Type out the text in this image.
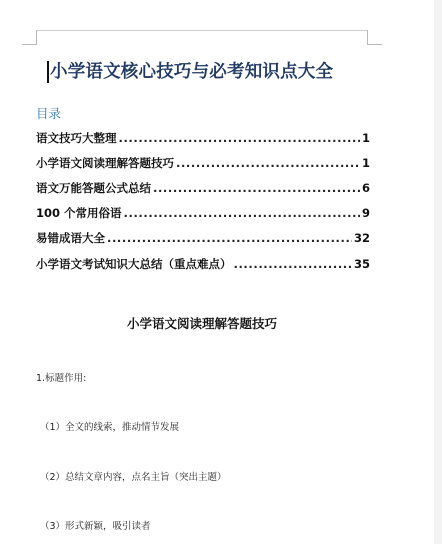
小学语文核心技巧与必考知识点大全
目录
语文技巧大整理 .....	1
小学语文阅读理解答题技巧 .....	1
语文万能答题公式总结 .....	6
100 个常用俗语 .....	9
易错成语大全 .....	32
小学语文考试知识大总结（重点难点） .....	35
小学语文阅读理解答题技巧
1.标题作用:
（1）全文的线索，推动情节发展
（2）总结文章内容，点名主旨（突出主题）
（3）形式新颖，吸引读者
